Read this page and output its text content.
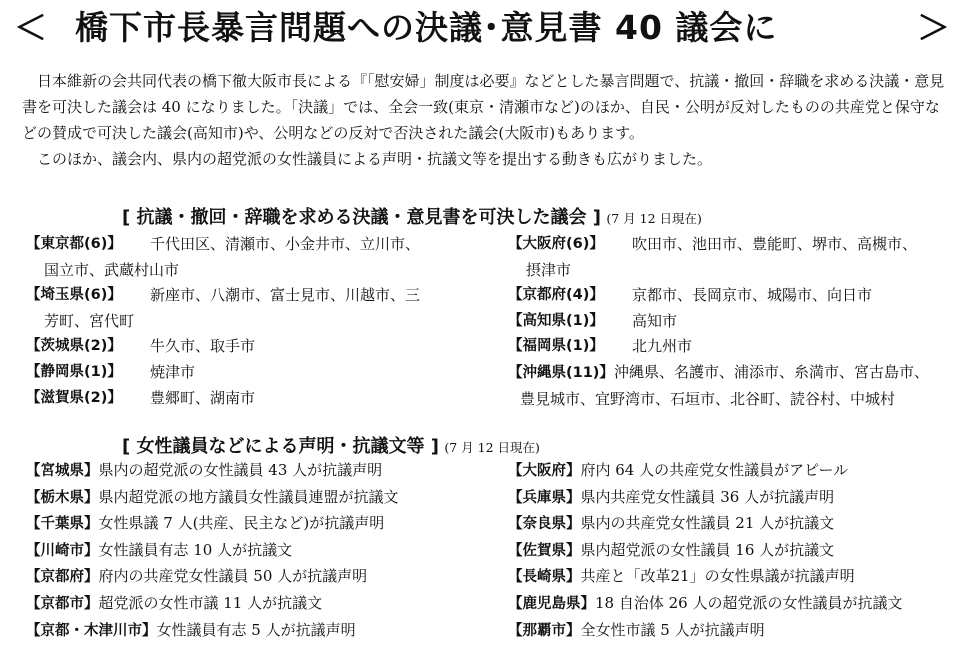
＜ 橋下市長暴言問題への決議･意見書 40 議会に	＞

日本維新の会共同代表の橋下徹大阪市長による『「慰安婦」制度は必要』などとした暴言問題で、抗議・撤回・辞職を求める決議・意見書を可決した議会は 40 になりました。「決議」では、全会一致(東京・清瀬市など)のほか、自民・公明が反対したものの共産党と保守などの賛成で可決した議会(高知市)や、公明などの反対で否決された議会(大阪市)もあります。

このほか、議会内、県内の超党派の女性議員による声明・抗議文等を提出する動きも広がりました。

[ 抗議・撤回・辞職を求める決議・意見書を可決した議会 ] (7 月 12 日現在)
【東京都(6)】	千代田区、清瀬市、小金井市、立川市、
国立市、武蔵村山市
【埼玉県(6)】	新座市、八潮市、富士見市、川越市、三
芳町、宮代町
【茨城県(2)】	牛久市、取手市
【静岡県(1)】	焼津市
【滋賀県(2)】	豊郷町、湖南市
【大阪府(6)】	吹田市、池田市、豊能町、堺市、高槻市、
摂津市
【京都府(4)】	京都市、長岡京市、城陽市、向日市
【高知県(1)】	高知市
【福岡県(1)】	北九州市
【沖縄県(11)】沖縄県、名護市、浦添市、糸満市、宮古島市、
豊見城市、宜野湾市、石垣市、北谷町、読谷村、中城村
[ 女性議員などによる声明・抗議文等 ] (7 月 12 日現在)
【宮城県】県内の超党派の女性議員 43 人が抗議声明
【栃木県】県内超党派の地方議員女性議員連盟が抗議文
【千葉県】女性県議 7 人(共産、民主など)が抗議声明
【川崎市】女性議員有志 10 人が抗議文
【京都府】府内の共産党女性議員 50 人が抗議声明
【京都市】超党派の女性市議 11 人が抗議文
【京都・木津川市】女性議員有志 5 人が抗議声明
【大阪府】府内 64 人の共産党女性議員がアピール
【兵庫県】県内共産党女性議員 36 人が抗議声明
【奈良県】県内の共産党女性議員 21 人が抗議文
【佐賀県】県内超党派の女性議員 16 人が抗議文
【長崎県】共産と「改革21」の女性県議が抗議声明
【鹿児島県】18 自治体 26 人の超党派の女性議員が抗議文
【那覇市】全女性市議 5 人が抗議声明
